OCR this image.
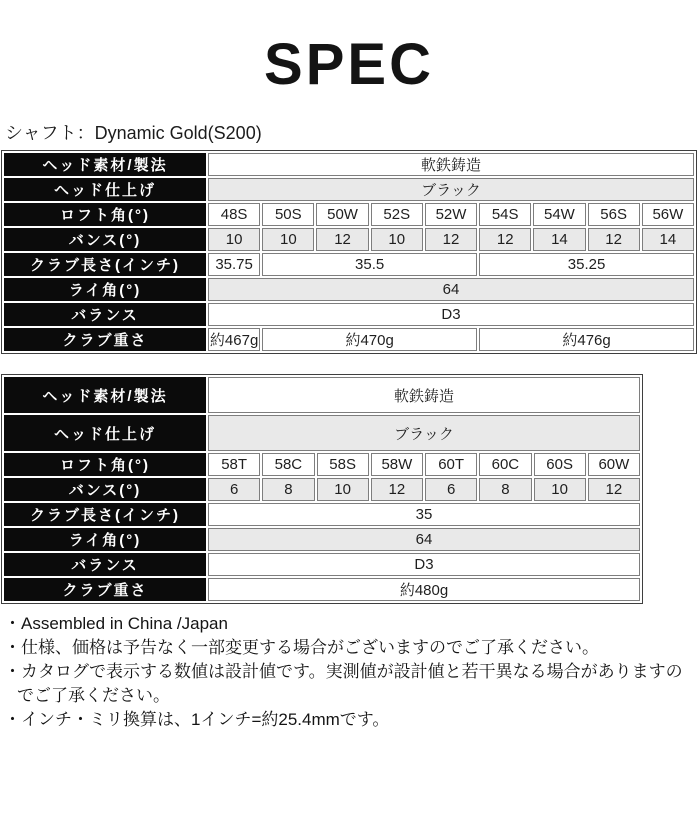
SPEC
シャフト：Dynamic Gold(S200)
ヘッド素材/製法	軟鉄鋳造								
ヘッド仕上げ	ブラック								
ロフト角(°)	48S	50S	50W	52S	52W	54S	54W	56S	56W
バンス(°)	10	10	12	10	12	12	14	12	14
クラブ長さ(インチ)	35.75	35.5				35.25			
ライ角(°)	64								
バランス	D3								
クラブ重さ	約467g	約470g				約476g			
ヘッド素材/製法	軟鉄鋳造							
ヘッド仕上げ	ブラック							
ロフト角(°)	58T	58C	58S	58W	60T	60C	60S	60W
バンス(°)	6	8	10	12	6	8	10	12
クラブ長さ(インチ)	35							
ライ角(°)	64							
バランス	D3							
クラブ重さ	約480g							
・Assembled in China /Japan
・仕様、価格は予告なく一部変更する場合がございますのでご了承ください。
・カタログで表示する数値は設計値です。実測値が設計値と若干異なる場合がありますのでご了承ください。
・インチ・ミリ換算は、1インチ=約25.4mmです。
